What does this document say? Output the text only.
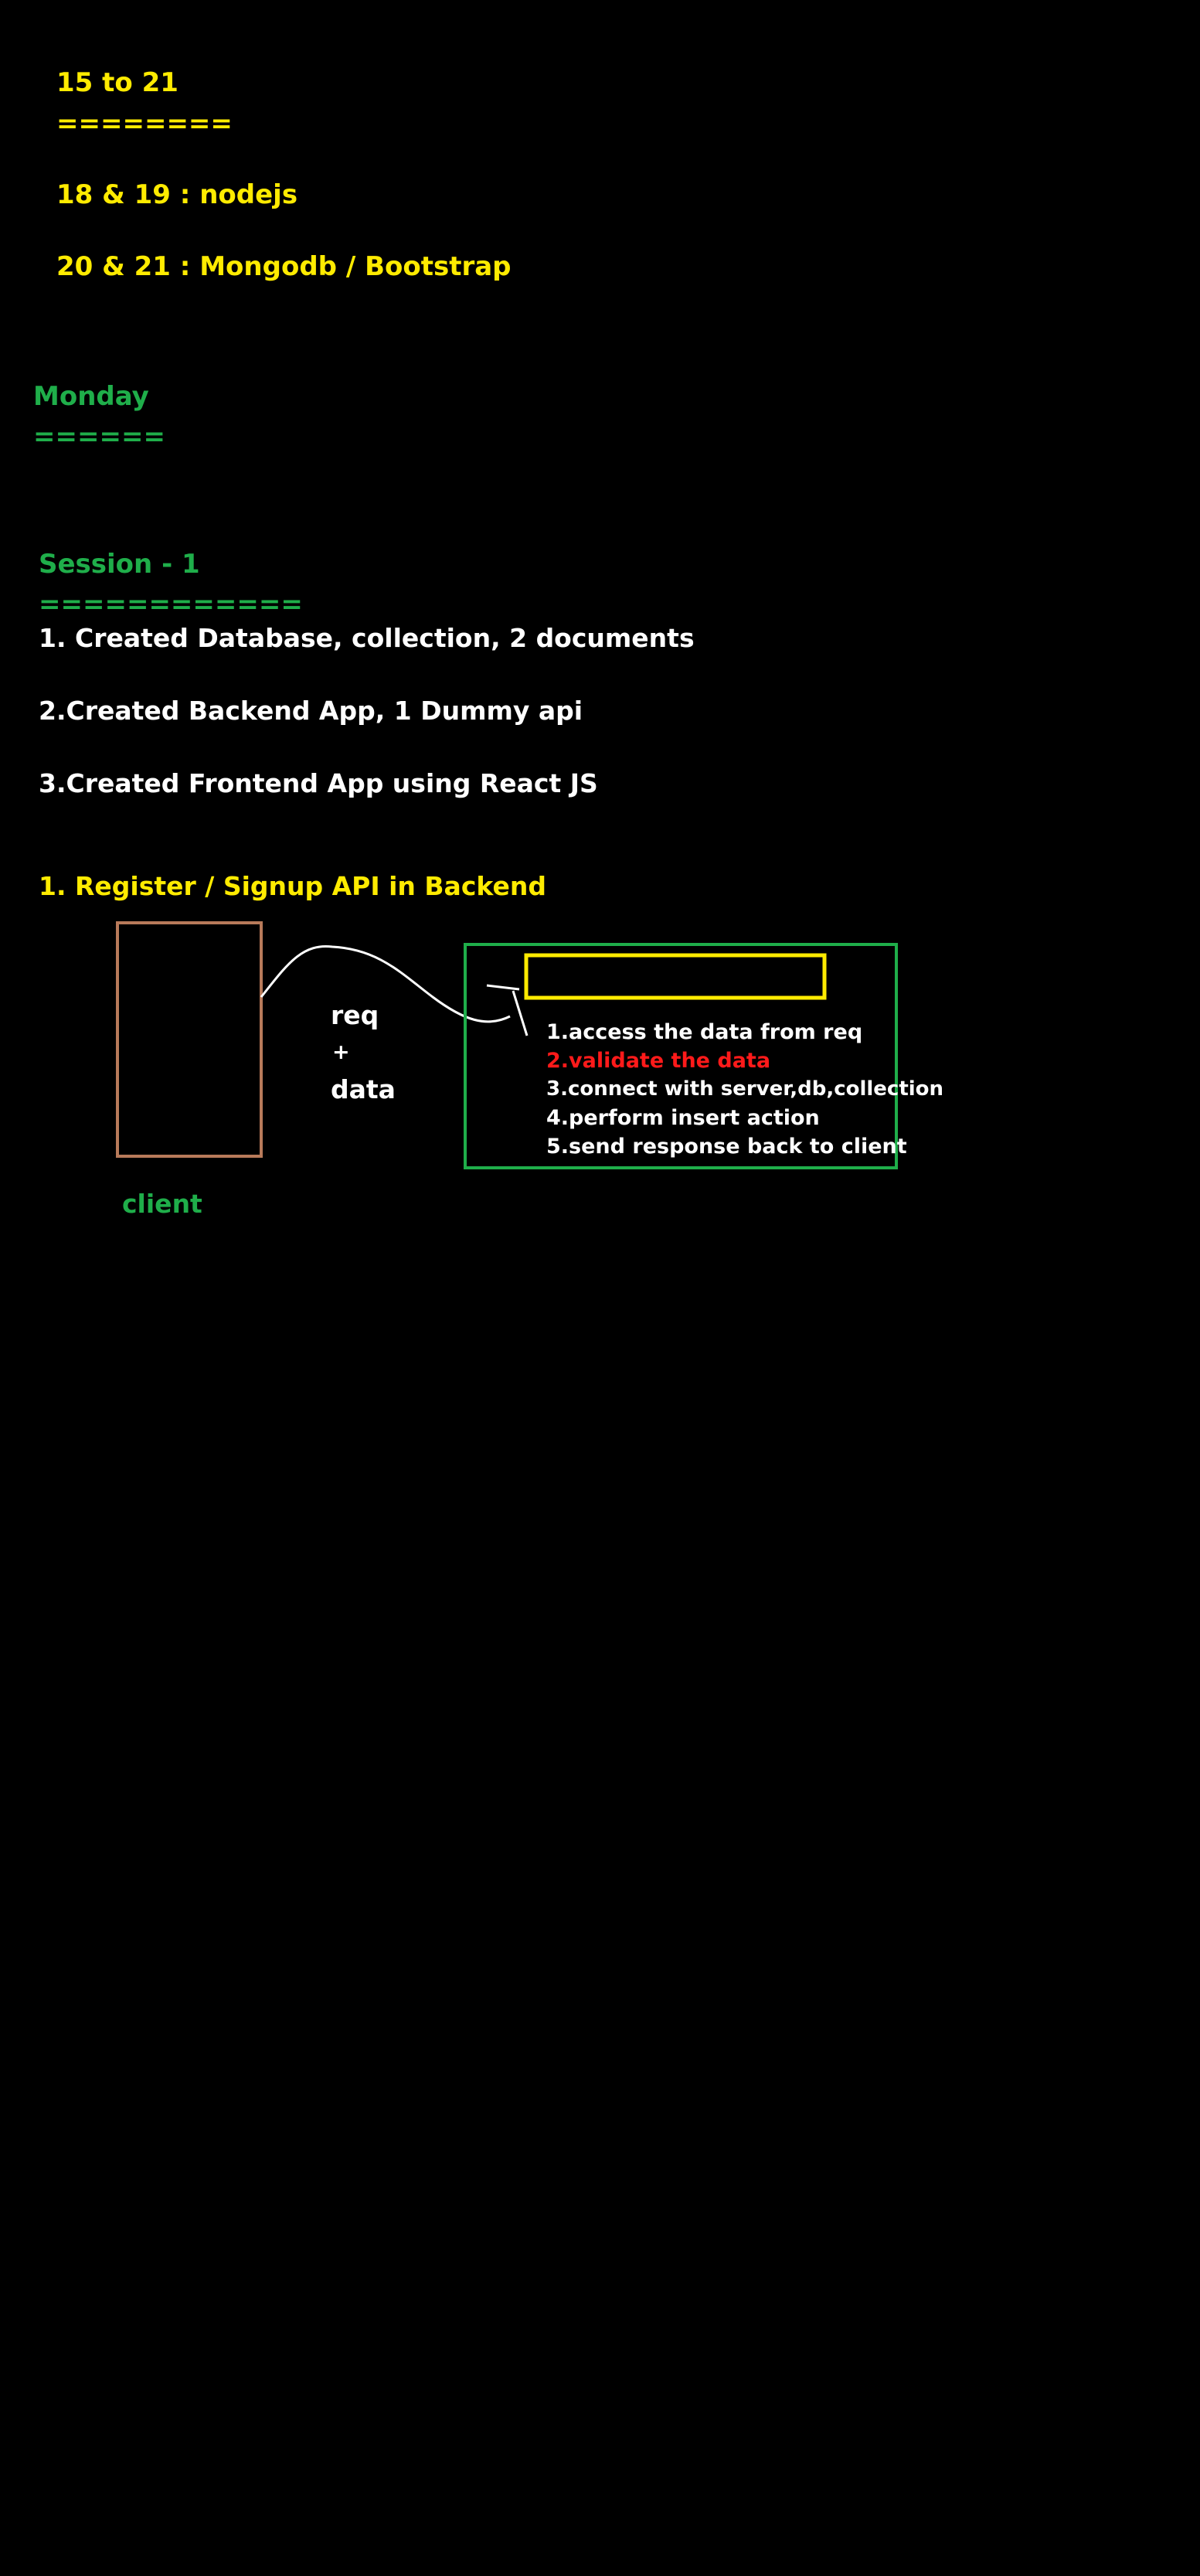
15 to 21

========

18 & 19 : nodejs

20 & 21 : Mongodb / Bootstrap

Monday

======

Session - 1

============

1. Created Database, collection, 2 documents

2.Created Backend App, 1 Dummy api

3.Created Frontend App using React JS

1. Register / Signup API in Backend

req

+

data

1.access the data from req

2.validate the data

3.connect with server,db,collection

4.perform insert action

5.send response back to client

client
